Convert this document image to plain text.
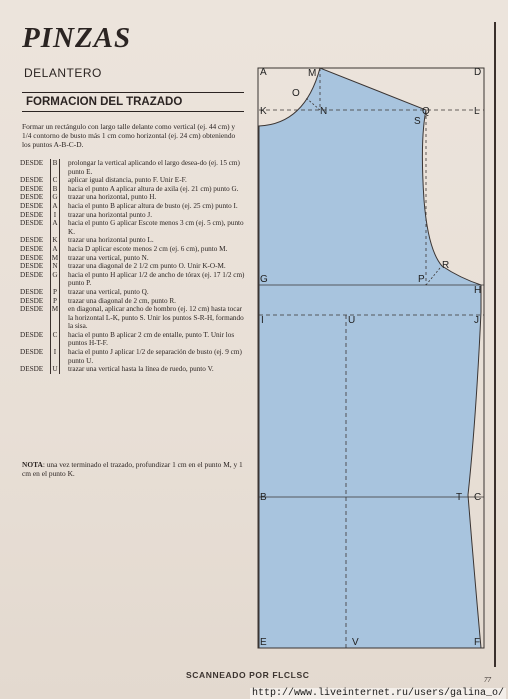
PINZAS
DELANTERO
FORMACION DEL TRAZADO
Formar un rectángulo con largo talle delante como vertical (ej. 44 cm) y 1/4 contorno de busto más 1 cm como horizontal (ej. 24 cm) obteniendo los puntos A-B-C-D.
DESDE	B	prolongar la vertical aplicando el largo desea-do (ej. 15 cm) punto E.
DESDE	C	aplicar igual distancia, punto F. Unir E-F.
DESDE	B	hacia el punto A aplicar altura de axila (ej. 21 cm) punto G.
DESDE	G	trazar una horizontal, punto H.
DESDE	A	hacia el punto B aplicar altura de busto (ej. 25 cm) punto I.
DESDE	I	trazar una horizontal punto J.
DESDE	A	hacia el punto G aplicar Escote menos 3 cm (ej. 5 cm), punto K.
DESDE	K	trazar una horizontal punto L.
DESDE	A	hacia D aplicar escote menos 2 cm (ej. 6 cm), punto M.
DESDE	M	trazar una vertical, punto N.
DESDE	N	trazar una diagonal de 2 1/2 cm punto O. Unir K-O-M.
DESDE	G	hacia el punto H aplicar 1/2 de ancho de tórax (ej. 17 1/2 cm) punto P.
DESDE	P	trazar una vertical, punto Q.
DESDE	P	trazar una diagonal de 2 cm, punto R.
DESDE	M	en diagonal, aplicar ancho de hombro (ej. 12 cm) hasta tocar la horizontal L-K, punto S. Unir los puntos S-R-H, formando la sisa.
DESDE	C	hacia el punto B aplicar 2 cm de entalle, punto T. Unir los puntos H-T-F.
DESDE	I	hacia el punto J aplicar 1/2 de separación de busto (ej. 9 cm) punto U.
DESDE	U	trazar una vertical hasta la línea de ruedo, punto V.
NOTA: una vez terminado el trazado, profundizar 1 cm en el punto M, y 1 cm en el punto K.
A	M	D
O
K	N	Q
S
L
R
G	P
H
I	U	J
B	T C
E	V	F
SCANNEADO POR FLCLSC	77
http://www.liveinternet.ru/users/galina_o/
